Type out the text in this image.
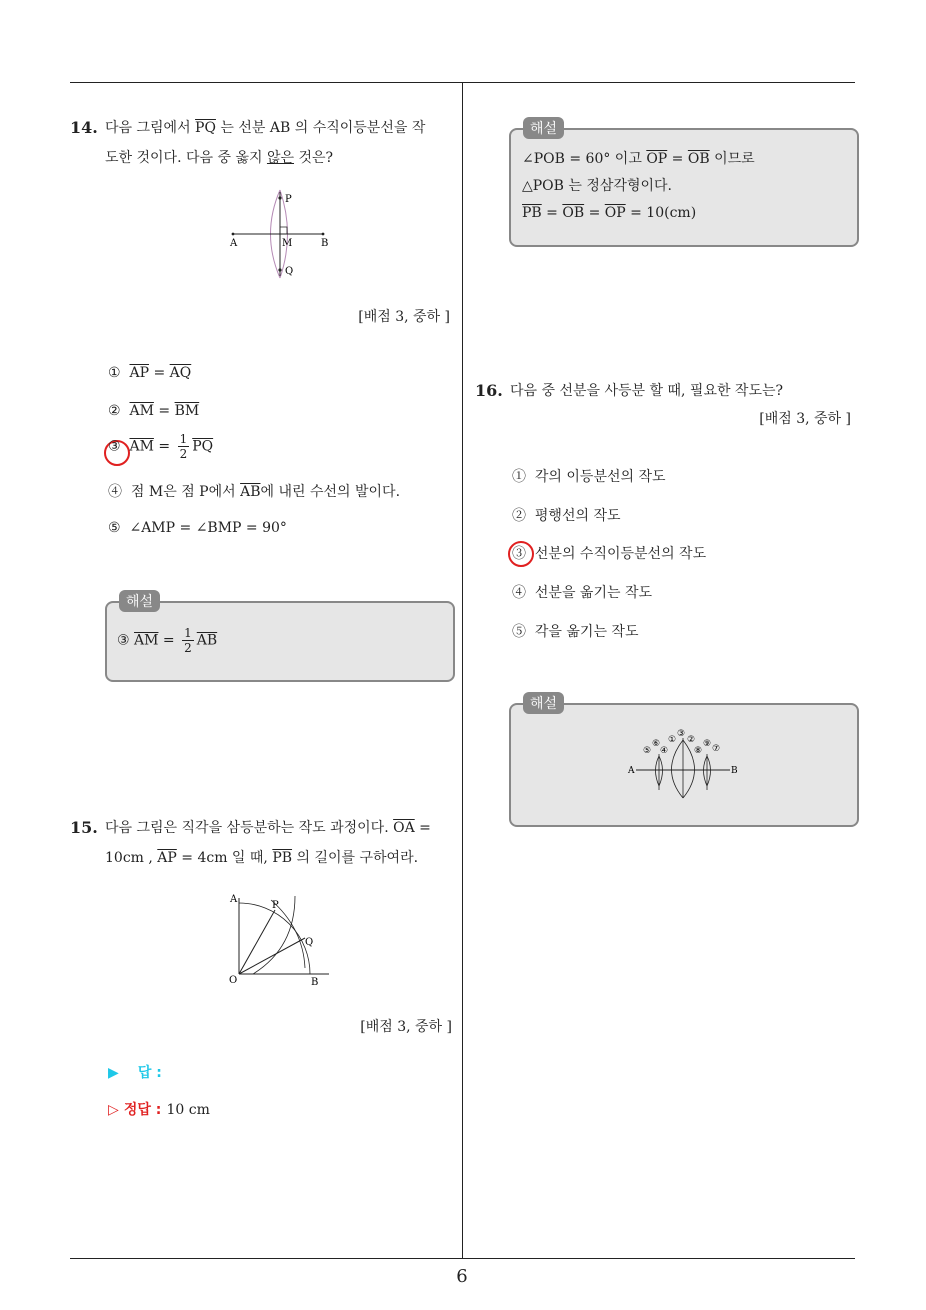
6
14. 다음 그림에서 $\overline{PQ}$ 는 선분 AB 의 수직이등분선을 작
도한 것이다. 다음 중 옳지 않은 것은?
P
A	M	B
Q
[배점 3, 중하 ]
① $\overline{AP} = \overline{AQ}$
② $\overline{AM} = \overline{BM}$
③ $\overline{AM} = \frac{1}{2} \overline{PQ}$
④ 점 M은 점 P에서 $\overline{AB}$에 내린 수선의 발이다.
⑤ ∠AMP = ∠BMP = 90°
해설
③ $\overline{AM} = \frac{1}{2} \overline{AB}$
15. 다음 그림은 직각을 삼등분하는 작도 과정이다. $\overline{OA}$ =
10cm , $\overline{AP} = 4cm$ 일 때, $\overline{PB}$ 의 길이를 구하여라.
A
P
Q
O	B
[배점 3, 중하 ]
▶ 답 :
▷ 정답 : 10 cm
해설
∠POB = 60° 이고 $\overline{OP} = \overline{OB}$ 이므로
△POB 는 정삼각형이다.
$\overline{PB} = \overline{OB} = \overline{OP} = 10(cm)$
16. 다음 중 선분을 사등분 할 때, 필요한 작도는?
[배점 3, 중하 ]
① 각의 이등분선의 작도
② 평행선의 작도
③ 선분의 수직이등분선의 작도
④ 선분을 옮기는 작도
⑤ 각을 옮기는 작도
해설
A	B
③
① ②
⑥	⑨
⑤ ④	⑧ ⑦
